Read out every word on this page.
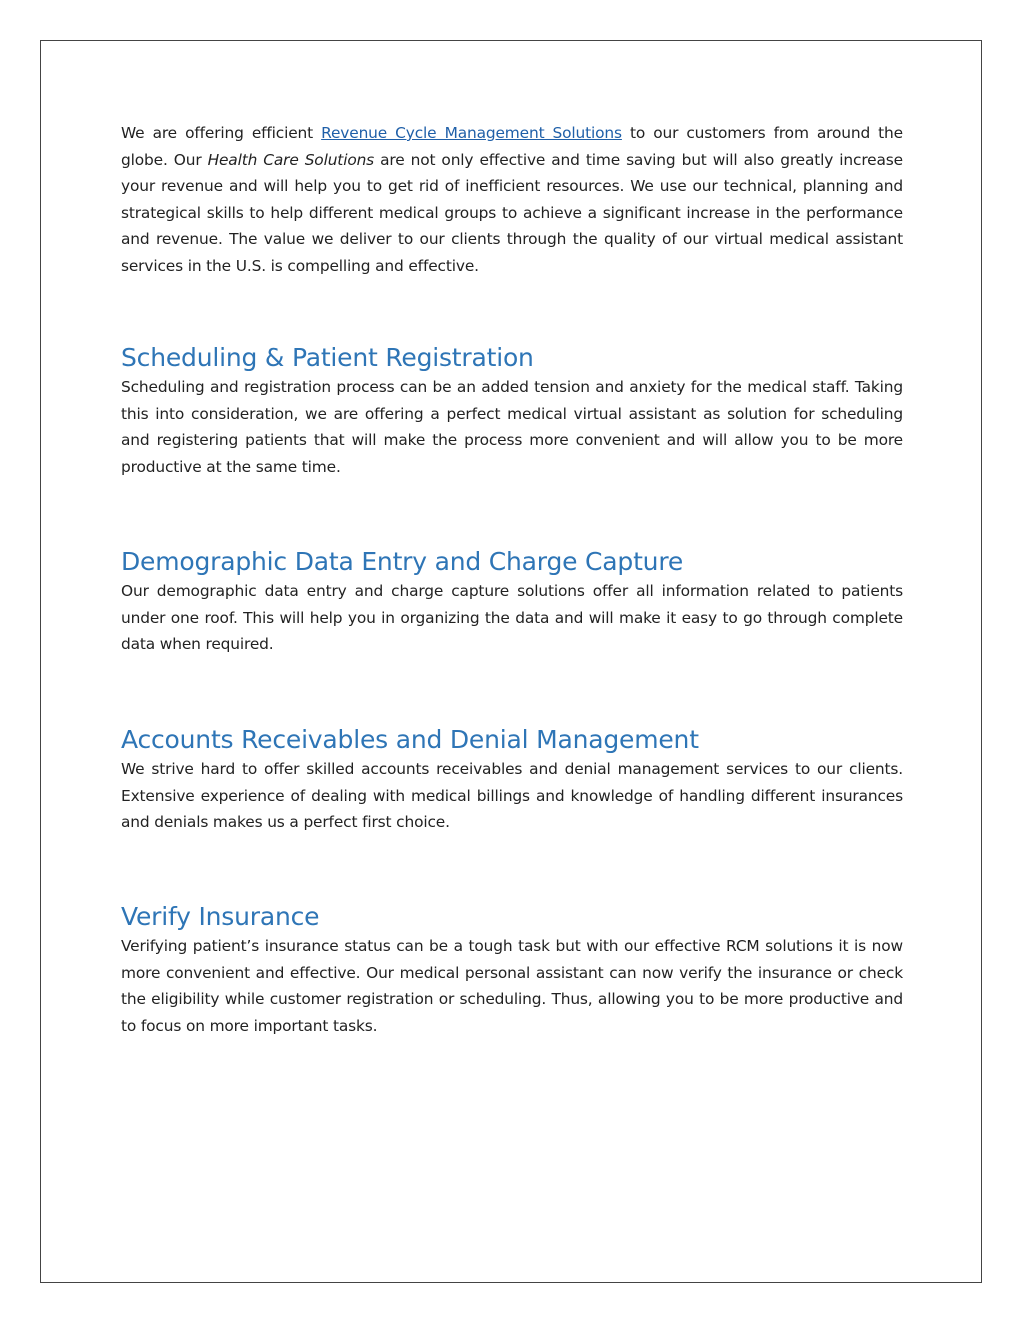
We are offering efficient Revenue Cycle Management Solutions to our customers from around the globe. Our Health Care Solutions are not only effective and time saving but will also greatly increase your revenue and will help you to get rid of inefficient resources. We use our technical, planning and strategical skills to help different medical groups to achieve a significant increase in the performance and revenue. The value we deliver to our clients through the quality of our virtual medical assistant services in the U.S. is compelling and effective.

Scheduling & Patient Registration

Scheduling and registration process can be an added tension and anxiety for the medical staff. Taking this into consideration, we are offering a perfect medical virtual assistant as solution for scheduling and registering patients that will make the process more convenient and will allow you to be more productive at the same time.

Demographic Data Entry and Charge Capture

Our demographic data entry and charge capture solutions offer all information related to patients under one roof. This will help you in organizing the data and will make it easy to go through complete data when required.

Accounts Receivables and Denial Management

We strive hard to offer skilled accounts receivables and denial management services to our clients. Extensive experience of dealing with medical billings and knowledge of handling different insurances and denials makes us a perfect first choice.

Verify Insurance

Verifying patient’s insurance status can be a tough task but with our effective RCM solutions it is now more convenient and effective. Our medical personal assistant can now verify the insurance or check the eligibility while customer registration or scheduling. Thus, allowing you to be more productive and to focus on more important tasks.
